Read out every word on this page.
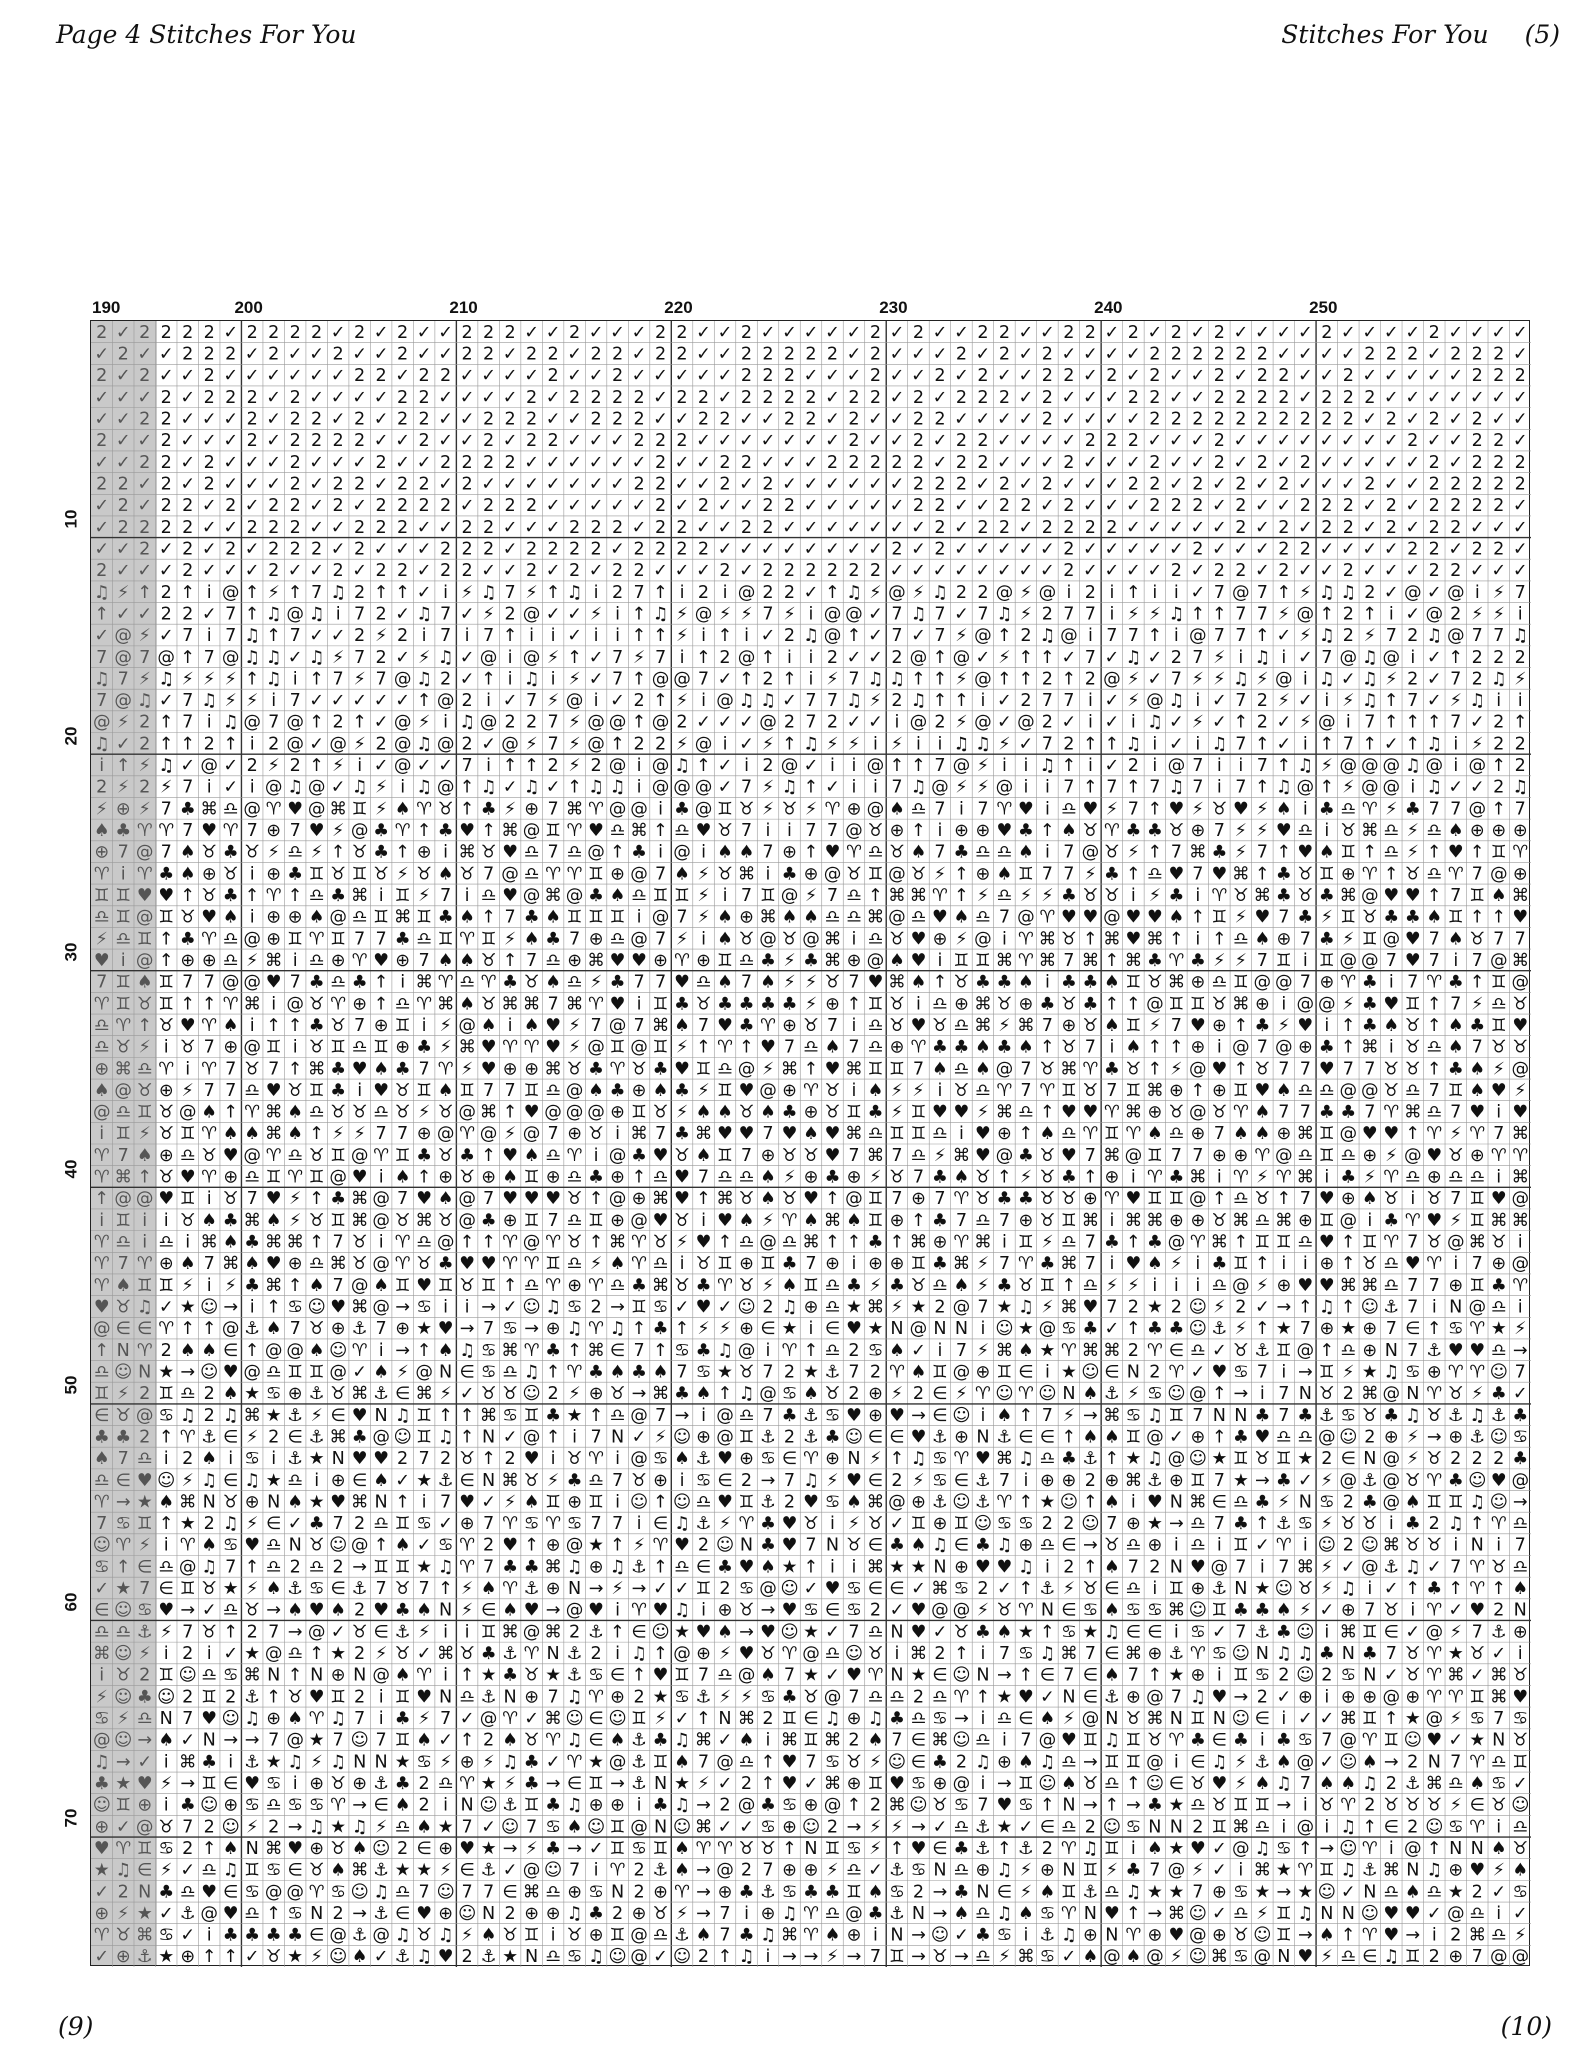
Page 4 Stitches For You	Stitches For You (5)
190	200	210	220	230	240	250
10
20
30
40
50
60
70
2 ✓ 2 2 2 2 ✓ 2 2 2 2 ✓ 2 ✓ 2 ✓ ✓ 2 2 2 ✓ ✓ 2 ✓ ✓ ✓ 2 2 ✓ ✓ 2 ✓ ✓ ✓ ✓ ✓ 2 ✓ 2 ✓ ✓ 2 2 ✓ ✓ 2 2 ✓ 2 ✓ 2 ✓ 2 ✓ ✓ ✓ ✓ 2 ✓ ✓ ✓ ✓ 2 ✓ ✓ ✓ ✓
✓ 2 ✓ ✓ 2 2 2 ✓ 2 ✓ ✓ 2 ✓ ✓ 2 ✓ ✓ 2 2 ✓ 2 2 ✓ 2 2 ✓ 2 2 ✓ ✓ 2 2 2 2 2 ✓ 2 ✓ ✓ ✓ 2 ✓ 2 ✓ 2 ✓ ✓ ✓ ✓ 2 2 2 2 2 2 ✓ ✓ ✓ ✓ 2 2 2 ✓ 2 2 2 ✓
2 ✓ 2 ✓ ✓ 2 ✓ ✓ ✓ ✓ ✓ ✓ 2 2 ✓ 2 2 ✓ ✓ ✓ ✓ 2 ✓ ✓ 2 ✓ ✓ ✓ ✓ ✓ 2 2 2 ✓ ✓ ✓ 2 ✓ ✓ 2 ✓ 2 ✓ ✓ 2 2 ✓ 2 ✓ 2 ✓ ✓ 2 ✓ 2 2 ✓ ✓ 2 ✓ ✓ ✓ ✓ ✓ 2 2 2
✓ ✓ ✓ 2 ✓ 2 2 2 ✓ 2 ✓ ✓ ✓ ✓ 2 2 ✓ ✓ ✓ ✓ 2 ✓ 2 2 2 2 ✓ 2 2 ✓ 2 2 2 2 ✓ 2 2 ✓ 2 ✓ 2 2 2 ✓ 2 ✓ ✓ ✓ 2 2 ✓ ✓ 2 2 2 2 ✓ 2 2 2 ✓ ✓ ✓ ✓ ✓ ✓ ✓
✓ ✓ 2 2 ✓ ✓ ✓ 2 ✓ 2 2 ✓ 2 ✓ 2 2 ✓ ✓ 2 2 2 ✓ ✓ 2 2 2 ✓ ✓ 2 2 ✓ ✓ 2 2 ✓ 2 ✓ ✓ 2 2 ✓ ✓ ✓ ✓ 2 ✓ ✓ ✓ ✓ 2 2 2 2 2 2 2 2 2 2 ✓ 2 ✓ 2 ✓ 2 ✓ ✓
2 ✓ ✓ 2 ✓ ✓ ✓ 2 ✓ 2 2 2 2 ✓ ✓ 2 ✓ ✓ 2 ✓ 2 2 ✓ ✓ ✓ 2 2 2 ✓ ✓ ✓ ✓ ✓ ✓ ✓ 2 ✓ ✓ 2 ✓ 2 2 ✓ ✓ ✓ ✓ 2 2 2 ✓ ✓ ✓ 2 ✓ ✓ ✓ ✓ ✓ ✓ ✓ ✓ 2 ✓ ✓ 2 2 ✓
✓ ✓ 2 2 ✓ 2 ✓ ✓ ✓ 2 ✓ ✓ ✓ 2 ✓ ✓ 2 2 2 2 ✓ ✓ ✓ ✓ ✓ ✓ 2 ✓ ✓ 2 2 ✓ ✓ ✓ 2 2 2 2 2 ✓ 2 2 ✓ ✓ ✓ 2 ✓ ✓ ✓ 2 ✓ ✓ 2 ✓ 2 ✓ 2 ✓ ✓ ✓ ✓ ✓ 2 ✓ 2 2 2
2 2 ✓ 2 ✓ 2 ✓ ✓ ✓ 2 ✓ 2 2 ✓ 2 2 ✓ 2 ✓ ✓ ✓ ✓ ✓ ✓ ✓ 2 2 ✓ ✓ 2 ✓ 2 ✓ ✓ ✓ ✓ ✓ ✓ 2 2 2 ✓ 2 ✓ 2 ✓ ✓ ✓ 2 2 ✓ 2 ✓ 2 ✓ 2 ✓ ✓ ✓ 2 ✓ ✓ 2 2 2 2 2
✓ 2 ✓ 2 2 ✓ 2 ✓ 2 2 ✓ 2 ✓ 2 2 2 2 ✓ 2 2 2 ✓ ✓ ✓ ✓ ✓ 2 ✓ 2 ✓ ✓ 2 2 ✓ ✓ ✓ ✓ ✓ 2 2 ✓ ✓ 2 2 ✓ 2 ✓ ✓ ✓ 2 2 2 ✓ 2 ✓ ✓ 2 2 2 ✓ 2 ✓ 2 2 2 2 ✓
✓ 2 2 2 2 ✓ ✓ 2 2 2 ✓ ✓ 2 2 2 ✓ ✓ 2 2 ✓ ✓ ✓ 2 2 2 ✓ 2 2 ✓ ✓ 2 2 ✓ ✓ ✓ ✓ ✓ ✓ ✓ 2 ✓ 2 2 ✓ 2 2 2 2 ✓ ✓ ✓ ✓ ✓ 2 ✓ 2 ✓ 2 2 ✓ 2 ✓ 2 2 ✓ ✓ ✓
✓ ✓ 2 ✓ 2 ✓ 2 ✓ 2 2 2 ✓ 2 ✓ ✓ ✓ 2 2 2 ✓ 2 2 2 2 ✓ 2 2 2 2 ✓ ✓ ✓ ✓ ✓ ✓ ✓ ✓ 2 ✓ 2 ✓ ✓ ✓ ✓ ✓ 2 ✓ ✓ ✓ ✓ ✓ 2 ✓ ✓ ✓ 2 2 ✓ ✓ ✓ ✓ 2 2 ✓ 2 2 ✓
2 ✓ ✓ ✓ 2 ✓ ✓ ✓ 2 ✓ ✓ 2 ✓ 2 2 ✓ 2 2 ✓ ✓ 2 ✓ 2 ✓ 2 2 ✓ ✓ ✓ 2 ✓ 2 2 2 2 2 2 ✓ ✓ ✓ ✓ ✓ ✓ ✓ ✓ 2 ✓ ✓ ✓ ✓ 2 ✓ 2 2 ✓ 2 ✓ ✓ 2 ✓ ✓ ✓ 2 2 ✓ ✓ ✓
♫ ⚡ ↑ 2 ↑ i @ ↑ ⚡ ↑ 7 ♫ 2 ↑ ↑ ✓ i ⚡ ♫ 7 ⚡ ↑ ♫ i 2 7 ↑ i 2 i @ 2 2 ✓ ↑ ♫ ⚡ @ ⚡ ♫ 2 2 @ ⚡ @ i 2 i ↑ i i ✓ 7 @ 7 ↑ ⚡ ♫ ♫ 2 ✓ @ ✓ @ i ⚡ 7
↑ ✓ ✓ 2 2 ✓ 7 ↑ ♫ @ ♫ i 7 2 ✓ ♫ 7 ✓ ⚡ 2 @ ✓ ✓ ⚡ i ↑ ♫ ⚡ @ ⚡ ⚡ 7 ⚡ i @ @ ✓ 7 ♫ 7 ✓ 7 ♫ ⚡ 2 7 7 i ⚡ ⚡ ♫ ↑ ↑ 7 7 ⚡ @ ↑ 2 ↑ i ✓ @ 2 ⚡ ⚡ i
✓ @ ⚡ ✓ 7 i 7 ♫ ↑ 7 ✓ ✓ 2 ⚡ 2 i 7 i 7 ↑ i i ✓ i i ↑ ↑ ⚡ i ↑ i ✓ 2 ♫ @ ↑ ✓ 7 ✓ 7 ⚡ @ ↑ 2 ♫ @ i 7 7 ↑ i @ 7 7 ↑ ✓ ⚡ ♫ 2 ⚡ 7 2 ♫ @ 7 7 ♫
7 @ 7 @ ↑ 7 @ ♫ ♫ ✓ ♫ ⚡ 7 2 ✓ ⚡ ♫ ✓ @ i @ ⚡ ↑ ✓ 7 ⚡ 7 i ↑ 2 @ ↑ i i 2 ✓ ✓ 2 @ ↑ @ ✓ ⚡ ↑ ↑ ✓ 7 ✓ ♫ ✓ 2 7 ⚡ i ♫ i ✓ 7 @ ♫ @ i ✓ ↑ 2 2 2
♫ 7 ⚡ ♫ ⚡ ⚡ ⚡ ↑ ♫ i ↑ 7 ⚡ 7 @ ♫ 2 ✓ ↑ i ♫ i ⚡ ✓ 7 ↑ @ @ 7 ✓ ↑ 2 ↑ i ⚡ 7 ♫ ♫ ↑ ↑ ⚡ @ ↑ ↑ 2 ↑ 2 @ ⚡ ✓ 7 ⚡ ⚡ ♫ ⚡ @ i ♫ ✓ ♫ ⚡ 2 ✓ 7 2 ♫ ⚡
7 @ ♫ ✓ 7 ♫ ⚡ ⚡ i 7 ✓ ✓ ✓ ✓ ✓ ↑ @ 2 i ✓ 7 ⚡ @ i ✓ 2 ↑ ⚡ i @ ♫ ♫ ✓ 7 7 ♫ ⚡ 2 ♫ ↑ ↑ i ✓ 2 7 7 i ✓ ⚡ @ ♫ i ✓ 7 2 ⚡ ✓ i ⚡ ♫ ↑ 7 ✓ ⚡ ♫ i i
@ ⚡ 2 ↑ 7 i ♫ @ 7 @ ↑ 2 ↑ ✓ @ ⚡ i ♫ @ 2 2 7 ⚡ @ @ ↑ @ 2 ✓ ✓ ✓ @ 2 7 2 ✓ ✓ i @ 2 ⚡ @ ✓ @ 2 ✓ i ✓ i ♫ ✓ ⚡ ✓ ↑ 2 ✓ ⚡ @ i 7 ↑ ↑ ↑ 7 ✓ 2 ↑
♫ ✓ 2 ↑ ↑ 2 ↑ i 2 @ ✓ @ ⚡ 2 @ ♫ @ 2 ✓ @ ⚡ 7 ⚡ @ ↑ 2 2 ⚡ @ i ✓ ⚡ ↑ ♫ ⚡ ⚡ i ⚡ i i ♫ ♫ ⚡ ✓ 7 2 ↑ ↑ ♫ i ✓ i ♫ 7 ↑ ✓ i ↑ 7 ↑ ✓ ↑ ♫ i ⚡ 2 2
i ↑ ⚡ ♫ ✓ @ ✓ 2 ⚡ 2 ↑ ⚡ i ✓ @ ✓ ✓ 7 i ↑ ↑ 2 ⚡ 2 @ i @ ♫ ↑ ✓ i 2 @ ✓ i i @ ↑ ↑ 7 @ ⚡ i i ♫ ↑ i ✓ 2 i @ 7 i i 7 ↑ ♫ ⚡ @ @ @ ♫ @ i @ ↑ 2
2 ⚡ 2 ⚡ 7 i ✓ i @ ♫ @ ✓ ♫ ⚡ i ♫ @ ↑ ♫ ✓ ♫ ✓ ↑ ♫ ♫ i @ @ @ ✓ 7 ⚡ ♫ ↑ ✓ i i 7 ♫ @ ⚡ ⚡ @ i i 7 ↑ 7 ↑ 7 ♫ 7 i 7 ↑ ♫ @ ↑ ⚡ @ @ i ♫ ✓ ✓ 2 ♫
⚡ ⊕ ⚡ 7 ♣ ⌘ ♎ @ ♈ ♥ @ ⌘ ♊ ⚡ ♠ ♈ ♉ ↑ ♣ ⚡ ⊕ 7 ⌘ ♈ @ @ i ♣ @ ♊ ♉ ⚡ ♉ ⚡ ♈ ⊕ @ ♠ ♎ 7 i 7 ♈ ♥ i ♎ ♥ ⚡ 7 ↑ ♥ ⚡ ♉ ♥ ⚡ ♠ i ♣ ♎ ♈ ⚡ ♣ 7 7 @ ↑ 7
♠ ♣ ♈ ♈ 7 ♥ ♈ 7 ⊕ 7 ♥ ⚡ @ ♣ ♈ ↑ ♣ ♥ ↑ ⌘ @ ♊ ♈ ♥ ♎ ⌘ ↑ ♎ ♥ ♉ 7 i i 7 7 @ ♉ ⊕ ↑ i ⊕ ⊕ ♥ ♣ ↑ ♠ ♉ ♈ ♣ ♣ ♉ ⊕ 7 ⚡ ⚡ ♥ ♎ i ♉ ⌘ ♎ ⚡ ♎ ♠ ⊕ ⊕ ⊕
⊕ 7 @ 7 ♠ ♉ ♣ ♉ ⚡ ♎ ⚡ ↑ ♉ ♣ ↑ ⊕ i ⌘ ♉ ♥ ♎ 7 ♎ @ ↑ ♣ i @ i ♠ ♠ 7 ⊕ ↑ ♥ ♈ ♎ ♉ ♠ 7 ♣ ♎ ♎ ♠ i 7 @ ♉ ⚡ ↑ 7 ⌘ ♣ ⚡ 7 ↑ ♥ ♠ ♊ ↑ ♎ ⚡ ↑ ♥ ↑ ♊ ♈
♈ i ♈ ♣ ♠ ⊕ ♉ i ⊕ ♣ ♊ ♉ ♊ ♉ ⚡ ♉ ♠ ♉ 7 @ ♎ ♈ ♈ ♊ ⊕ @ 7 ♠ ⚡ ♉ ⌘ i ♣ ⊕ @ ♉ ♊ @ ♉ ⚡ ↑ ⊕ ♠ ♊ 7 7 ⚡ ♣ ↑ ♎ ♥ 7 ♥ ⌘ ↑ ♣ ♉ ♊ ⊕ ♈ ↑ ♉ ♎ ♈ 7 @ ⊕
♊ ♊ ♥ ♥ ↑ ♉ ♣ ↑ ♈ ↑ ♎ ♣ ⌘ i ♊ ⚡ 7 i ♎ ♥ @ ⌘ @ ♣ ♠ ♎ ♊ ♊ ⚡ i 7 ♊ @ ⚡ 7 ♎ ↑ ⌘ ⌘ ♈ ↑ ⚡ ♎ ⚡ ⚡ ♣ ♉ ♉ i ⚡ ♣ i ♈ ♉ ⌘ ♣ ♉ ♣ ⌘ @ ♥ ♥ ↑ 7 ♊ ♠ ⌘
♎ ♊ @ ♊ ♉ ♥ ♠ i ⊕ ⊕ ♠ @ ♎ ♊ ⌘ ♊ ♣ ♠ ↑ 7 ♣ ♠ ♊ ♊ ♊ i @ 7 ⚡ ♠ ⊕ ⌘ ♠ ♠ ♎ ♎ ⌘ @ ♎ ♥ ♠ ♎ 7 @ ♈ ♥ ♥ @ ♥ ♥ ♠ ↑ ♊ ⚡ ♥ 7 ♣ ⚡ ♊ ♉ ♣ ♣ ♠ ♊ ↑ ↑ ♥
⚡ ♎ ♊ ↑ ♣ ♈ ♎ @ ⊕ ♊ ♈ ♊ 7 7 ♣ ♎ ♊ ♈ ♊ ⚡ ♠ ♣ 7 ⊕ ♎ @ 7 ⚡ i ♠ ♉ @ ♉ @ ⌘ i ♎ ♉ ♥ ⊕ ⚡ @ i ♈ ⌘ ♉ ↑ ⌘ ♥ ⌘ ↑ i ↑ ♎ ♠ ⊕ 7 ♣ ⚡ ♊ @ ♥ 7 ♠ ♉ 7 7
♥ i @ ↑ ⊕ ⊕ ♎ ⚡ ⌘ i ♎ ⊕ ♈ ♥ ⊕ 7 ♠ ♠ ♉ ↑ 7 ♎ ⊕ ⌘ ♥ ♥ ⊕ ♈ ⊕ ♊ ♎ ♣ ⚡ ♣ ⌘ ⊕ @ ♠ ♥ i ♊ ♊ ⌘ ♈ ⌘ 7 ⌘ ↑ ⌘ ♣ ♈ ♣ ⚡ ⚡ 7 ♊ i ♊ @ @ 7 ♥ 7 i 7 @ ⌘
7 ♊ ♠ ♊ 7 7 @ @ ♥ 7 ♣ ♎ ♣ ↑ i ⌘ ♈ ♎ ♈ ♣ ♉ ♠ ♎ ⚡ ♣ 7 7 ♥ ♎ ♠ 7 ♠ ⚡ ⚡ ♉ 7 ♥ ⌘ ♠ ↑ ♉ ♣ ♣ ♠ i ♣ ♣ ♠ ♊ ♉ ⌘ ⊕ ♎ ♊ @ @ 7 ⊕ ♈ ♣ i 7 ♈ ♣ ↑ ♊ @
♈ ♊ ♉ ♊ ↑ ↑ ♈ ⌘ i @ ♉ ♈ ⊕ ↑ ♎ ♈ ⌘ ♠ ♉ ⌘ ⌘ 7 ⌘ ♈ ♥ i ♊ ♣ ♉ ♣ ♣ ♣ ♣ ⚡ ⊕ ↑ ♊ ♉ i ♎ ⊕ ⌘ ♉ ⊕ ♣ ♉ ♣ ↑ ↑ @ ♊ ♊ ♉ ⌘ ⊕ i @ @ ⚡ ♣ ♥ ♊ ↑ 7 ⚡ ♎ ♉
♎ ♈ ↑ ♉ ♥ ♈ ♠ i ↑ ↑ ♣ ♉ 7 ⊕ ♊ i ⚡ @ ♠ i ♠ ♥ ⚡ 7 @ 7 ⌘ ♠ 7 ♥ ♣ ♈ ⊕ ♉ 7 i ♎ ♉ ♥ ♉ ♎ ⌘ ⚡ ⌘ 7 ⊕ ♉ ♠ ♊ ⚡ 7 ♥ ⊕ ↑ ♣ ⚡ ♥ i ↑ ♣ ♠ ♉ ↑ ♠ ♣ ♊ ♥
♎ ♉ ⚡ i ♉ 7 ⊕ @ ♊ i ♉ ♊ ♎ ♊ ⊕ ♣ ⚡ ⌘ ♥ ♈ ♈ ♥ ⚡ @ ♊ @ ♊ ⚡ ↑ ♈ ↑ ♥ 7 ♎ ♠ 7 ♎ ⊕ ♈ ♣ ♣ ♠ ♣ ♠ ↑ ♉ 7 i ♠ ↑ ↑ ⊕ i @ 7 @ ⊕ ♣ ↑ ⌘ i ♉ ♎ ♠ 7 ♉ ♉
⊕ ⌘ ♎ ♈ i ♈ 7 ♉ 7 ↑ ⌘ ♣ ♥ ♠ ♣ 7 ♈ ⚡ ♥ ⊕ ⊕ ⌘ ♉ ♣ ♈ ♉ ♣ ♥ ♊ ♎ @ ⚡ ⌘ ↑ ♥ ⌘ ♊ ♊ 7 ♠ ♎ ♠ @ 7 ♉ ⌘ ♈ ♣ ♉ ↑ ⚡ @ ♥ ↑ ♉ 7 7 ♥ 7 7 ♉ ♉ ↑ ♣ ♠ ⚡ @
♠ @ ♉ ⊕ ⚡ 7 7 ♎ ♥ ♉ ♊ ♣ i ♥ ♉ ♊ ♠ ♊ 7 7 ♊ ♎ @ ♠ ♣ ⊕ ♠ ♣ ⚡ ♊ ♥ @ ⊕ ♈ ♉ i ♠ ⚡ ⚡ i ♉ ♎ ♈ 7 ♈ ♊ ♉ 7 ♊ ⌘ ⊕ ↑ ⊕ ♊ ♥ ♠ ♎ ♎ @ @ ♉ ♎ 7 ♊ ♠ ♥ ⚡
@ ♎ ♊ ♉ @ ♠ ↑ ♈ ⌘ ♠ ♎ ♉ ♉ ♎ ♉ ⚡ ♉ @ ⌘ ↑ ♥ @ @ @ ⊕ ♊ ♉ ⚡ ♠ ♠ ♉ ♠ ♣ ⊕ ♉ ♊ ♣ ⚡ ♊ ♥ ♥ ⚡ ⌘ ♎ ↑ ♥ ♥ ♈ ⌘ ⊕ ♉ @ ♉ ♈ ♠ 7 7 ♣ ♣ 7 ♈ ⌘ ♎ 7 ♥ i ♥
i ♊ ⚡ ♉ ♊ ♈ ♠ ♠ ⌘ ♠ ↑ ⚡ ⚡ 7 7 ⊕ @ ♈ @ ⚡ @ 7 ⊕ ♉ i ⌘ 7 ♣ ⌘ ♥ ♥ 7 ♥ ♠ ♥ ⌘ ♎ ♊ ♊ ♎ i ♥ ⊕ ↑ ♠ ♎ ♈ ♊ ♈ ♠ ♎ ⊕ 7 ♠ ♠ ⊕ ⌘ ♊ @ ♥ ♥ ↑ ♈ ⚡ ♈ 7 ⌘
♈ 7 ♠ ⊕ ♎ ♉ ♥ @ ♈ ♎ ♉ ♊ @ ♈ ♊ ♣ ♉ ♣ ↑ ♥ ♠ ♎ ♈ i @ ♣ ♥ ♉ ♠ ♊ 7 ⊕ ♉ ♉ ♥ 7 ⌘ 7 ♎ ⚡ ⌘ ♥ @ ♣ ♉ ♥ 7 ⌘ @ ♊ 7 7 ⊕ ⊕ ♈ @ ♎ ♊ ♎ ⊕ ⚡ @ ♥ ♉ ⊕ ♈ ♈
♈ ⌘ ↑ ♉ ♥ ♈ ⊕ ♎ ♊ ♈ ♊ @ ♥ i ♠ ↑ ⊕ ♉ ⊕ ♠ ♊ ⊕ ♎ ♣ ⊕ ↑ ♎ ♥ 7 ♎ ♎ ♠ ⚡ ⊕ ♣ ⊕ ⚡ ♉ 7 ♣ ♠ ♉ ↑ ⚡ ♉ ♣ ↑ ⊕ i ♈ ♣ ⌘ i ♈ ⚡ ♈ ⌘ i ♣ ⚡ ♈ ♎ ⊕ ♎ ♎ i ⌘
↑ @ @ ♥ ♊ i ♉ 7 ♥ ⚡ ↑ ♣ ⌘ @ 7 ♥ ♠ @ 7 ♥ ♥ ♥ ♉ ↑ @ ⊕ ⌘ ♥ ↑ ⌘ ♉ ♠ ♉ ♥ ↑ @ ♊ 7 ⊕ 7 ♈ ♉ ♣ ♣ ♉ ♉ ⊕ ♈ ♥ ♊ ♊ @ ↑ ♎ ♉ ↑ 7 ♥ ⊕ ♠ ♉ i ♉ 7 ♊ ♥ @
i ♊ i i ♉ ♠ ♣ ⌘ ♠ ⚡ ♉ ♊ ⌘ @ ♉ ⌘ ♉ @ ♣ ⊕ ♊ 7 ♎ ♊ ⊕ @ ♥ ♉ i ♥ ♠ ⚡ ♈ ♠ ⌘ ♠ ♊ ⊕ ↑ ♣ 7 ♎ 7 ⊕ ♉ ♊ ⌘ i ⌘ ⌘ ⊕ ⊕ ♉ ⌘ ♎ ⌘ ⊕ ♊ @ i ♣ ♈ ♥ ⚡ ♊ ⌘ ⌘
♈ ♎ i ♎ i ⌘ ♠ ♣ ⌘ ⌘ ↑ 7 ♉ i ♈ ♎ @ ↑ ↑ ♈ @ ♈ ♉ ↑ ⌘ ♈ ♉ ⚡ ♥ ↑ ♎ @ ♎ ⌘ ↑ ↑ ♣ ↑ ⌘ ⊕ ♈ ⌘ i ♊ ⚡ ♎ 7 ♣ ↑ ♣ @ ♈ ⌘ ↑ ♊ ♊ ♎ ♥ ↑ ♊ ♈ 7 ♉ @ ⌘ ♉ i
♈ 7 ♈ ⊕ ♠ 7 ⌘ ♠ ♥ ⊕ ♎ ⌘ ♉ @ ♈ ♉ ♣ ♥ ♥ ♈ ♈ ♊ ♎ ⚡ ♠ ♈ ♎ i ♉ ♊ ⊕ ♊ ♣ 7 ⊕ i ⊕ ⊕ ♊ ♣ ⌘ ⚡ 7 ♈ ♣ ⌘ 7 i ♥ ♠ ⚡ i ♣ ♊ ↑ i i ⊕ ↑ ♉ ♎ ♥ ♈ i 7 ⊕ @
♈ ♠ ♊ ♊ ⚡ i ⚡ ♣ ⌘ ↑ ♠ 7 @ ♠ ♊ ♥ ♊ ♉ ♊ ↑ ♎ ♈ ⊕ ♈ ♎ ♣ ⌘ ♉ ♣ ♈ ♉ ⚡ ♠ ♊ ♎ ♣ ⚡ ♣ ♉ ♎ ♠ ⚡ ♣ ♉ ♊ ↑ ♎ ⚡ ⚡ i i i ♎ @ ⚡ ⊕ ♥ ♥ ⌘ ⌘ ♎ 7 7 ⊕ ♊ ♣ ♈
♥ ♉ ♫ ✓ ★ ☺ → i ↑ ♋ ☺ ♥ ⌘ @ → ♋ i i → ✓ ☺ ♫ ♋ 2 → ♊ ♋ ✓ ♥ ✓ ☺ 2 ♫ ⊕ ♎ ★ ⌘ ⚡ ★ 2 @ 7 ★ ♫ ⚡ ⌘ ♥ 7 2 ★ 2 ☺ ⚡ 2 ✓ → ↑ ♫ ↑ ☺ ⚓ 7 i N @ ♎ i
@ ∈ ∈ ♈ ↑ ↑ @ ⚓ ♠ 7 ♉ ⊕ ⚓ 7 ⊕ ★ ♥ → 7 ♋ → ⊕ ♫ ♈ ♫ ↑ ♣ ↑ ⚡ ⚡ ⊕ ∈ ★ i ∈ ♥ ★ N @ N N i ☺ ★ @ ♋ ♣ ✓ ↑ ♣ ♣ ☺ ⚓ ⚡ ↑ ★ 7 ⊕ ★ ⊕ 7 ∈ ↑ ♋ ♈ ★ ⚡
↑ N ♈ 2 ♠ ♠ ∈ ↑ @ @ ♠ ☺ ♈ i → ↑ ♠ ♫ ♋ ⌘ ♈ ♣ ↑ ⌘ ∈ 7 ↑ ♋ ♣ ♫ @ i ♈ ↑ ♎ 2 ♋ ♠ ✓ i 7 ⚡ ⌘ ♠ ★ ♈ ⌘ ⌘ 2 ♈ ∈ ♎ ✓ ♉ ⚓ ♊ @ ↑ ♎ ⊕ N 7 ⚓ ♥ ♥ ♎ →
♎ ☺ N ★ → ☺ ♥ @ ♎ ♊ ♊ @ ✓ ♠ ⚡ @ N ∈ ♋ ♎ ♫ ↑ ♈ ♣ ♠ ♣ ♠ 7 ♋ ★ ♉ 7 2 ★ ⚓ 7 2 ♈ ♠ ♊ @ ⊕ ♊ ∈ i ★ ☺ ∈ N 2 ♈ ✓ ♥ ♋ 7 i → ♊ ⚡ ★ ♫ ♋ ⊕ ♈ ♈ ☺ 7
♊ ⚡ 2 ♊ ♎ 2 ♠ ★ ♋ ⊕ ⚓ ♉ ⌘ ⚓ ∈ ⌘ ⚡ ✓ ♉ ♉ ☺ 2 ⚡ ⊕ ♉ → ⌘ ♣ ♠ ↑ ♫ @ ♋ ♠ ♉ 2 ⊕ ⚡ 2 ∈ ⚡ ♈ ☺ ♈ ☺ N ♠ ⚓ ⚡ ♋ ☺ @ ↑ → i 7 N ♉ 2 ⌘ @ N ♈ ♉ ⚡ ♣ ✓
∈ ♉ @ ♋ ♫ 2 ♫ ⌘ ★ ⚓ ⚡ ∈ ♥ N ♫ ♊ ↑ ↑ ⌘ ♋ ♊ ♣ ★ ↑ ♎ @ 7 → i @ ♎ 7 ♣ ⚓ ♋ ♥ ⊕ ♥ → ∈ ☺ i ♠ ↑ 7 ⚡ → ⌘ ♋ ♫ ♊ 7 N N ♣ 7 ♣ ⚓ ♋ ♉ ♣ ♫ ♉ ⚓ ♫ ⚓ ♣
♣ ♣ 2 ↑ ♈ ⚓ ∈ ⚡ 2 ∈ ⚓ ⌘ ♣ @ ☺ ♊ ♫ ↑ N ✓ @ ↑ i 7 N ✓ ⚡ ☺ ⊕ @ ♊ ⚓ 2 ⚓ ♣ ☺ ∈ ∈ ♥ ⚓ ⊕ N ⚓ ∈ ∈ ↑ ♠ ♠ ♊ @ ✓ ⊕ ↑ ♣ ♥ ♎ ♎ @ ☺ 2 ⊕ ⚡ → ⊕ ⚓ ☺ ♋
♠ 7 ♎ i 2 ♠ i ♋ i ⚓ ★ N ♥ ♥ 2 7 2 ♉ ↑ 2 ♥ i ♉ ♈ i @ ♋ ♠ ⚓ ♥ ⊕ ♋ ∈ ♈ ⊕ N ⚡ ↑ ♫ ♋ ♈ ♥ ⌘ ♫ ♎ ♣ ⚓ ↑ ★ ♫ @ ☺ ★ ♊ ♉ ♊ ★ 2 ∈ N @ ⚡ ♉ 2 2 2 ♣
♎ ∈ ♥ ☺ ⚡ ♫ ∈ ♫ ★ ♎ i ⊕ ∈ ♠ ✓ ★ ⚓ ∈ N ⌘ ♉ ⚡ ♣ ♎ 7 ♉ ⊕ i ♋ ∈ 2 → 7 ♫ ⚡ ♥ ∈ 2 ⚡ ♋ ∈ ⚓ 7 i ⊕ ⊕ 2 ⊕ ⌘ ⚓ ⊕ ♊ 7 ★ → ♣ ✓ ⚡ @ ⚓ @ ♉ ♈ ♣ ☺ ♥ @
♈ → ★ ♠ ⌘ N ♉ ⊕ N ♠ ★ ♥ ⌘ N ↑ i 7 ♥ ✓ ⚡ ♠ ♊ ⊕ ♊ i ☺ ↑ ☺ ♎ ♥ ♊ ⚓ 2 ♥ ♋ ♠ ⌘ @ ⊕ ⚓ ☺ ⚓ ♈ ↑ ★ ☺ ↑ ♠ i ♥ N ⌘ ∈ ♎ ♣ ⚡ N ♋ 2 ♣ @ ♠ ♊ ♊ ♫ ☺ →
7 ♋ ♊ ↑ ★ 2 ♫ ⚡ ∈ ✓ ♣ 7 2 ♎ ♊ ♋ ✓ ⊕ 7 ♈ ♋ ♈ ♋ 7 7 i ∈ ♫ ⚓ ⚡ ♈ ♣ ♥ ♉ i ⚡ ♉ ✓ ♊ ⊕ ♊ ☺ ♋ ♋ 2 2 ☺ 7 ⊕ ★ → ♎ 7 ♣ ↑ ⚓ ♋ ⚡ ♉ ♉ i ♣ 2 ♫ ↑ ♈ ♎
☺ ♈ ⚡ i ♈ ♠ ♋ ♥ ♎ N ♉ ☺ @ ↑ ♠ ✓ ♋ ♈ 2 ♥ ↑ ⊕ @ ★ ↑ ⚡ ♈ ♥ 2 ☺ N ♣ ♥ 7 N ♉ ∈ ♣ ♠ ♫ ∈ ♣ ♫ ⊕ ♎ ∈ → ♉ ♎ ⊕ i ♎ i ♊ ✓ ♈ i ☺ 2 ☺ ⌘ ♉ ♉ i N i 7
♋ ↑ ∈ ♎ @ ♫ 7 ↑ ♎ 2 ♎ 2 → ♊ ♊ ★ ♫ ♈ 7 ♣ ♣ ⌘ ♫ ⊕ ♫ ⚓ ↑ ♎ ∈ ♣ ♥ ♠ ★ ↑ i i ⌘ ★ ★ N ⊕ ♥ ♥ ♫ i 2 ↑ ♠ 7 2 N ♥ @ 7 i 7 ⌘ ⚡ ✓ @ ⚓ ♫ ✓ 7 ♈ ♉ ♎
✓ ★ 7 ∈ ♊ ♉ ★ ⚡ ♠ ⚓ ♋ ∈ ⚓ 7 ♉ 7 ↑ ⚡ ♠ ♈ ⚓ ⊕ N → ⚡ → ✓ ✓ ♊ 2 ♋ @ ☺ ✓ ♥ ♋ ∈ ∈ ✓ ⌘ ♋ 2 ✓ ↑ ⚓ ⚡ ♉ ∈ ♎ i ♊ ⊕ ⚓ N ★ ☺ ♉ ⚡ ♫ i ✓ ↑ ♣ ↑ ♈ ↑ ♠
∈ ☺ ♋ ♥ → ✓ ♎ ♉ → ♠ ♥ ♠ 2 ♥ ♣ ♠ N ⚡ ∈ ♠ ♥ → @ ♥ i ♈ ♥ ♫ i ⊕ ♉ → ♥ ♋ ∈ ♋ 2 ✓ ♥ @ @ ⚡ ♉ ♈ N ∈ ♋ ♠ ♋ ♋ ⌘ ☺ ♊ ♣ ♣ ♠ ⚡ ✓ ⊕ 7 ♉ i ♈ ✓ ♥ 2 N
♎ ♎ ⚓ ⚡ 7 ♉ ↑ 2 7 → @ ✓ ♉ ∈ ⚓ ⚡ i i ♊ ⌘ @ ⌘ 2 ⚓ ↑ ∈ ☺ ★ ♥ ♠ → ♥ ☺ ★ ✓ 7 ♎ N ♥ ✓ ♉ ♣ ♠ ★ ↑ ♋ ★ ♫ ∈ ∈ i ♋ ✓ 7 ⚓ ♣ ☺ i ⌘ ♊ ∈ ✓ @ ⚡ 7 ⚓ ⊕
⌘ ☺ ⚡ i 2 i ✓ ★ @ ♎ ↑ ★ 2 ⚡ ♉ ✓ ⌘ ♉ ♣ ⚓ ♈ N ⚓ 2 i ♫ ↑ @ ⊕ ⚡ ♥ ♉ ♈ @ ♎ ☺ ♉ i ⌘ 2 ↑ i 7 ♋ ♫ ⌘ 7 ∈ ⌘ ⊕ ⚓ ♈ ♋ ☺ N ♫ ♫ ♣ N ♣ 7 ♉ ♈ ★ ♉ ✓ i
i ♉ 2 ♊ ☺ ♎ ♋ ⌘ N ↑ N ⊕ N @ ♠ ♈ i ↑ ★ ♣ ♉ ★ ⚓ ♋ ∈ ↑ ♥ ♊ 7 ♎ @ ♠ 7 ★ ✓ ♥ ♈ N ★ ∈ ☺ N → ↑ ∈ 7 ∈ ♠ 7 ↑ ★ ⊕ i ♊ ♋ 2 ☺ 2 ♋ N ✓ ♉ ♈ ⌘ ✓ ⌘ ♉
⚡ ☺ ♣ ☺ 2 ♊ 2 ⚓ ↑ ♉ ♥ ♊ 2 i ♊ ♥ N ♎ ⚓ N ⊕ 7 ♫ ♈ ⊕ 2 ★ ♋ ⚓ ⚡ ⚡ ♋ ♣ ♉ @ 7 ♎ ♎ 2 ♎ ♈ ↑ ★ ♥ ✓ N ∈ ⚓ ⊕ @ 7 ♫ ♥ → 2 ✓ ⊕ i ⊕ ⊕ @ ⊕ ♈ ♈ ♊ ⌘ ♥
♋ ⚡ ♎ N 7 ♥ ☺ ♫ ⊕ ♠ ♈ ♫ 7 i ♣ ⚡ 7 ✓ @ ♈ ✓ ⌘ ☺ ∈ ☺ ♊ ⚡ ✓ ↑ N ⌘ 2 ♊ ∈ ♫ ⊕ ♫ ♣ ♎ ♋ → i ♎ ∈ ♠ ⚡ @ N ♉ ⌘ N ♊ N ☺ ∈ i ✓ ✓ ⌘ ♊ ↑ ★ @ ⚡ ♋ 7 ♋
@ ☺ → ♠ ✓ N → → 7 @ ★ 7 ☺ 7 ♊ ♠ ✓ ↑ 2 ♠ ♉ ♈ ♫ ∈ ♠ ⚓ ♣ ♫ ⌘ ✓ ♠ i ⌘ ♊ ⌘ 2 ♠ 7 ∈ ⌘ ☺ ♎ i 7 @ ♥ ♊ ♫ ♊ ♉ ♈ ♣ ∈ ♣ i ♣ ♋ 7 @ ♈ ♊ ☺ ♥ ✓ ★ N ♉
♫ → ✓ i ⌘ ♣ i ⚓ ★ ♫ ⚡ ♫ N N ★ ♋ ⚡ ⊕ ⚡ ♫ ♣ ✓ ♈ ★ @ ⚓ ♊ ♠ 7 @ ♎ ↑ ♥ 7 ♋ ♉ ⚡ ☺ ∈ ♣ 2 ♫ ⊕ ♠ ♫ ♎ → ♊ ♊ @ i ∈ ♫ ⚡ ⚓ ♠ @ ✓ ☺ ♠ → 2 N 7 ♈ ♎ ♊
♣ ★ ♥ ⚡ → ♊ ∈ ♥ ♋ i ⊕ ♉ ⊕ ⚓ ♣ 2 ♎ ♈ ★ ⚡ ♣ → ∈ ♊ → ⚓ N ★ ⚡ ✓ 2 ↑ ♥ ✓ ⌘ ⊕ ♊ ♥ ♋ ⊕ @ i → ♊ ☺ ♠ ♉ ♎ ↑ ☺ ∈ ♉ ♥ ⚡ ♠ ♫ 7 ♠ ♠ ♫ 2 ⚓ ⌘ ♎ ♠ ♋ ✓
☺ ♊ ⊕ i ♣ ☺ ⊕ ♋ ♎ ♋ ♋ ♈ → ∈ ♠ 2 i N ☺ ⚓ ♊ ♣ ♫ ⊕ ⊕ i ♣ ♫ → 2 @ ♣ ♋ ⊕ @ ↑ 2 ⌘ ☺ ♉ ♋ 7 ♥ ♋ ↑ N → ↑ → ♣ ★ ♎ ♉ ♊ ♊ → i ♉ ♈ 2 ♉ ♉ ♉ ⚡ ∈ ♉ ☺
⊕ ✓ @ ♉ 7 2 ☺ ⚡ 2 → ♫ ★ ♫ ⚡ ♎ ♠ ★ 7 ✓ ☺ 7 ♋ ♠ ☺ ♊ @ N ☺ ⌘ ✓ ✓ ♋ ⊕ ☺ 2 → ⚡ ⚡ → ✓ ♎ ⚓ ★ ✓ ∈ ♎ 2 ☺ ♋ N N 2 ♊ ⌘ ♎ i @ i ♫ ↑ ∈ 2 ☺ ♋ ♈ i ♎
♥ ♈ ♊ ♋ 2 ↑ ♠ N ⌘ ♥ ⊕ ♉ ♠ ☺ 2 ∈ ⊕ ♥ ★ → ⚡ ♣ → ✓ ♊ ♋ ♊ ♠ ♈ ♈ ♉ ♉ ↑ N ♊ ♋ ⚡ ↑ ♥ ∈ ♣ ⚓ ↑ ⚓ 2 ♈ ♫ ♊ i ♠ ★ ♥ ✓ @ ♫ ♋ ↑ → ☺ ♈ i @ ↑ N N ♠ ♉
★ ♫ ∈ ⚡ ✓ ♎ ♫ ♊ ♋ ∈ ♉ ♠ ⌘ ⚓ ★ ★ ⚡ ∈ ⚓ ✓ @ ☺ 7 i ♈ 2 ⚓ ♠ → @ 2 7 ⊕ ⊕ ⚡ ♎ ✓ ⚓ ♋ N ♎ ⊕ ♫ ⚡ ⊕ N ♊ ⚡ ♣ 7 @ ⚡ ✓ i ⌘ ★ ♈ ♊ ♫ ⚓ ⌘ N ♫ ⊕ ♥ ⚡ ♠
✓ 2 N ♣ ♎ ♥ ∈ ♋ @ @ ♈ ♋ ☺ ♫ ♎ 7 ☺ 7 7 ∈ ⌘ ♎ ⊕ ♋ N 2 ⊕ ♈ → ⊕ ♣ ⚓ ♋ ♣ ♣ ♊ ♠ ♋ 2 → ♣ N ∈ ⚡ ♠ ♊ ⚓ ♎ ♫ ★ ★ 7 ⊕ ♋ ★ → ★ ☺ ✓ N ♎ ♠ ♎ ★ 2 ✓ ♋
⊕ ⚡ ★ ✓ ⚓ @ ♥ ♎ ↑ ♋ N 2 → ⚓ ∈ ♥ ⊕ ☺ N 2 ⊕ ⊕ ♫ ♣ 2 ⊕ ♉ ⚡ → 7 i ⊕ ♫ ♈ ♎ @ ♣ ⚓ N → ♠ ♎ ♫ ♠ ♋ ♈ N ♥ ↑ → ⌘ ☺ ✓ ♎ ⚡ ♊ ♫ N N ☺ ♥ ♥ ✓ @ ♎ i ✓
♈ ♉ ⌘ ♋ ✓ i ♣ ♣ ♣ ♣ ∈ @ ⚓ @ ♫ ♉ ♫ ⚡ ♠ ♉ ♊ i ♉ ⊕ ♊ @ ♎ ⚓ ♠ 7 ♣ ♫ ⌘ ♈ ♠ ⊕ i N → ☺ ✓ ♣ ♋ i ⚓ ♫ ⊕ N ♈ ⊕ ♥ @ ⊕ ♉ ☺ ♊ → ♠ ↑ ♈ ♥ → i 2 ⌘ ♎ ⚡
✓ ⊕ ⚓ ★ ⊕ ↑ ↑ ✓ ♉ ★ ⚡ ☺ ♠ ✓ ⚓ ♫ ♥ 2 ⚓ ★ N ♎ ♋ ♫ ☺ @ ✓ ☺ 2 ↑ ♫ i → → ⚡ → 7 ♊ → ♉ → ♎ ⚡ ⌘ ♋ ✓ ♠ @ ♠ @ ⚡ ☺ ⌘ ♋ @ N ♥ ⚡ ♎ ∈ ♫ ♊ 2 ⊕ 7 @ @
(9)	(10)
